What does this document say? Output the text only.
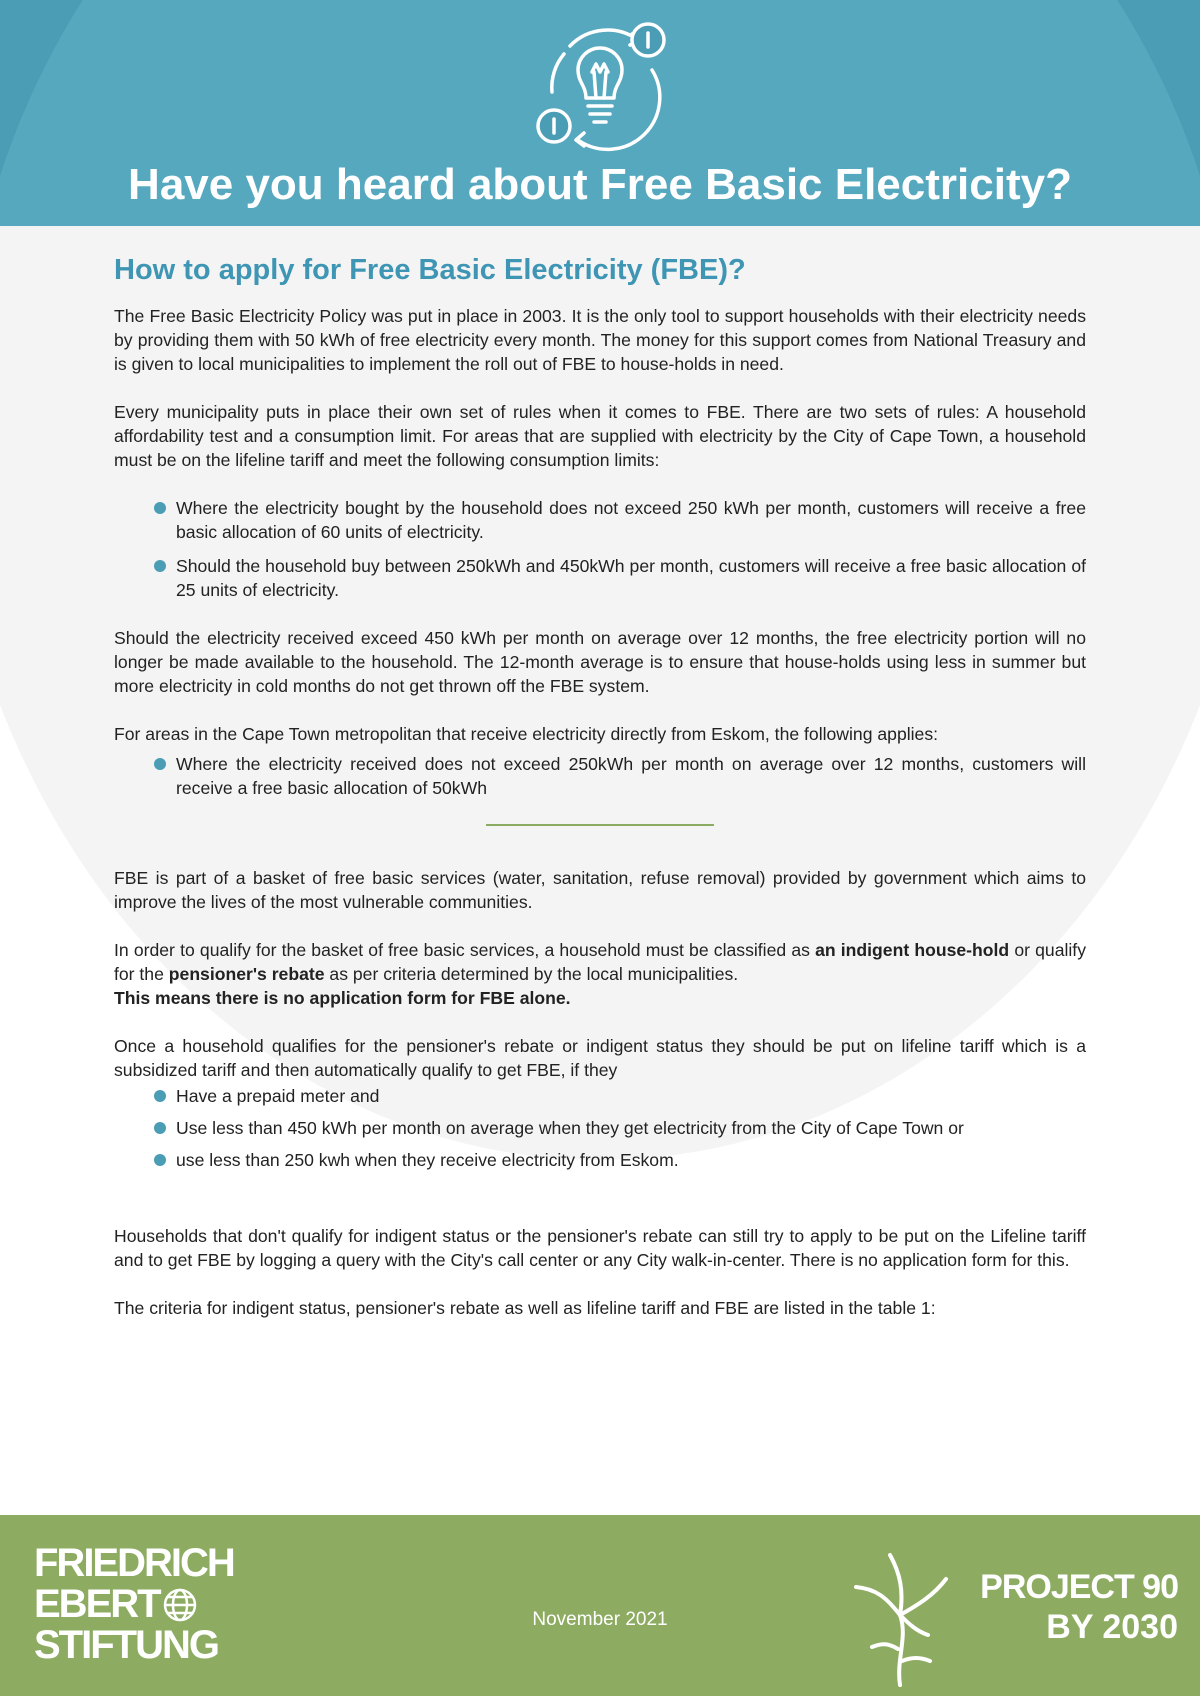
Have you heard about Free Basic Electricity?
How to apply for Free Basic Electricity (FBE)?

The Free Basic Electricity Policy was put in place in 2003. It is the only tool to support households with their electricity needs by providing them with 50 kWh of free electricity every month. The money for this support comes from National Treasury and is given to local municipalities to implement the roll out of FBE to house-holds in need.

Every municipality puts in place their own set of rules when it comes to FBE. There are two sets of rules: A household affordability test and a consumption limit. For areas that are supplied with electricity by the City of Cape Town, a household must be on the lifeline tariff and meet the following consumption limits:

Where the electricity bought by the household does not exceed 250 kWh per month, customers will receive a free basic allocation of 60 units of electricity.
Should the household buy between 250kWh and 450kWh per month, customers will receive a free basic allocation of 25 units of electricity.

Should the electricity received exceed 450 kWh per month on average over 12 months, the free electricity portion will no longer be made available to the household. The 12-month average is to ensure that house-holds using less in summer but more electricity in cold months do not get thrown off the FBE system.

For areas in the Cape Town metropolitan that receive electricity directly from Eskom, the following applies:

Where the electricity received does not exceed 250kWh per month on average over 12 months, customers will receive a free basic allocation of 50kWh

FBE is part of a basket of free basic services (water, sanitation, refuse removal) provided by government which aims to improve the lives of the most vulnerable communities.

In order to qualify for the basket of free basic services, a household must be classified as an indigent house-hold or qualify for the pensioner's rebate as per criteria determined by the local municipalities.
This means there is no application form for FBE alone.

Once a household qualifies for the pensioner's rebate or indigent status they should be put on lifeline tariff which is a subsidized tariff and then automatically qualify to get FBE, if they

Have a prepaid meter and
Use less than 450 kWh per month on average when they get electricity from the City of Cape Town or
use less than 250 kwh when they receive electricity from Eskom.

Households that don't qualify for indigent status or the pensioner's rebate can still try to apply to be put on the Lifeline tariff and to get FBE by logging a query with the City's call center or any City walk-in-center. There is no application form for this.

The criteria for indigent status, pensioner's rebate as well as lifeline tariff and FBE are listed in the table 1:

FRIEDRICH
EBERT
STIFTUNG
November 2021
PROJECT 90
BY 2030
